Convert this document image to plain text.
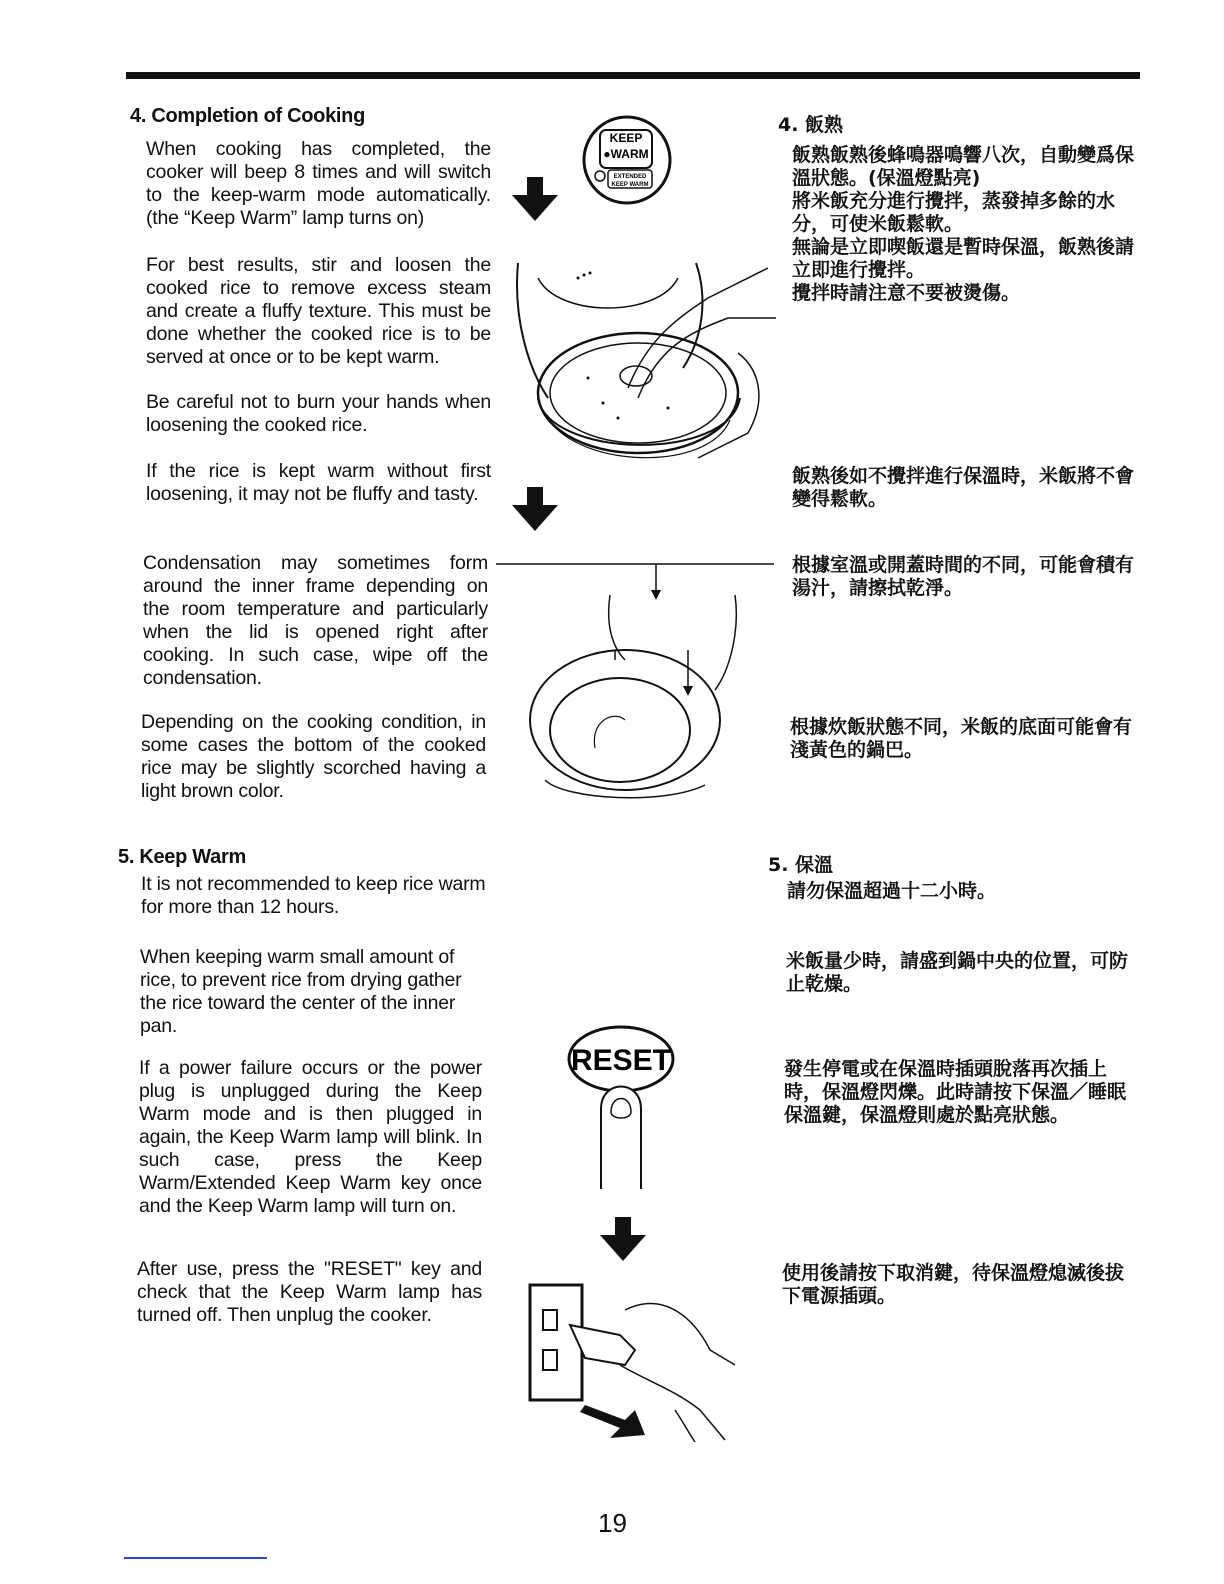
4. Completion of Cooking
When cooking has completed, the cooker will beep 8 times and will switch to the keep-warm mode automatically. (the “Keep Warm” lamp turns on)
For best results, stir and loosen the cooked rice to remove excess steam and create a fluffy texture. This must be done whether the cooked rice is to be served at once or to be kept warm.
Be careful not to burn your hands when loosening the cooked rice.
If the rice is kept warm without first loosening, it may not be fluffy and tasty.
Condensation may sometimes form around the inner frame depending on the room temperature and particularly when the lid is opened right after cooking. In such case, wipe off the condensation.
Depending on the cooking condition, in some cases the bottom of the cooked rice may be slightly scorched having a light brown color.
5. Keep Warm
It is not recommended to keep rice warm for more than 12 hours.
When keeping warm small amount of rice, to prevent rice from drying gather the rice toward the center of the inner pan.
If a power failure occurs or the power plug is unplugged during the Keep Warm mode and is then plugged in again, the Keep Warm lamp will blink. In such case, press the Keep Warm/Extended Keep Warm key once and the Keep Warm lamp will turn on.
After use, press the "RESET" key and check that the Keep Warm lamp has turned off. Then unplug the cooker.
4. 飯熟
飯熟飯熟後蜂鳴器鳴響八次，自動變爲保溫狀態。(保溫燈點亮)
將米飯充分進行攪拌，蒸發掉多餘的水分，可使米飯鬆軟。
無論是立即喫飯還是暫時保溫，飯熟後請立即進行攪拌。
攪拌時請注意不要被燙傷。
飯熟後如不攪拌進行保溫時，米飯將不會變得鬆軟。
根據室溫或開蓋時間的不同，可能會積有湯汁，請擦拭乾淨。
根據炊飯狀態不同，米飯的底面可能會有淺黃色的鍋巴。
5. 保溫
請勿保溫超過十二小時。
米飯量少時，請盛到鍋中央的位置，可防止乾燥。
發生停電或在保溫時插頭脫落再次插上時，保溫燈閃爍。此時請按下保溫／睡眠保溫鍵，保溫燈則處於點亮狀態。
使用後請按下取消鍵，待保溫燈熄滅後拔下電源插頭。
KEEP
●WARM
EXTENDED
KEEP WARM
RESET
19
